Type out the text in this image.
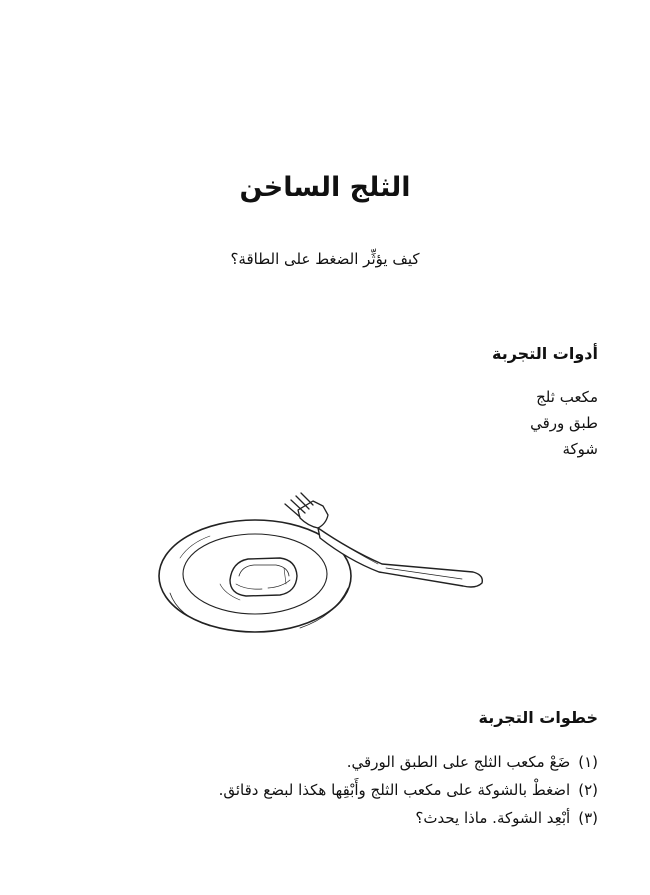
الثلج الساخن

كيف يؤثِّر الضغط على الطاقة؟

أدوات التجربة
مكعب ثلج
طبق ورقي
شوكة
خطوات التجربة
(١)
ضَعْ مكعب الثلج على الطبق الورقي.
(٢)
اضغطْ بالشوكة على مكعب الثلج وأَبْقِها هكذا لبضع دقائق.
(٣)
أبْعِد الشوكة. ماذا يحدث؟
